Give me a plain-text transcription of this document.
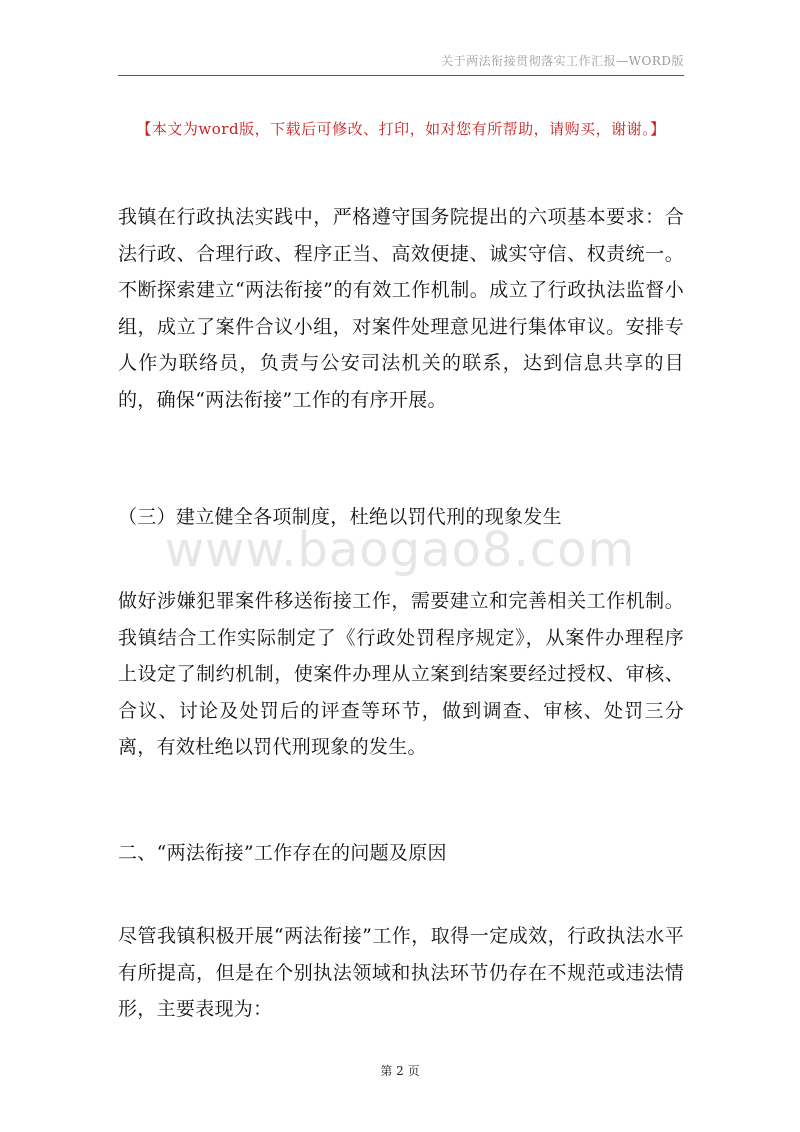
关于两法衔接贯彻落实工作汇报—WORD版
【本文为word版，下载后可修改、打印，如对您有所帮助，请购买，谢谢。】

我镇在行政执法实践中，严格遵守国务院提出的六项基本要求：合法行政、合理行政、程序正当、高效便捷、诚实守信、权责统一。不断探索建立“两法衔接”的有效工作机制。成立了行政执法监督小组，成立了案件合议小组，对案件处理意见进行集体审议。安排专人作为联络员，负责与公安司法机关的联系，达到信息共享的目的，确保“两法衔接”工作的有序开展。

（三）建立健全各项制度，杜绝以罚代刑的现象发生

www.baogao8.com

做好涉嫌犯罪案件移送衔接工作，需要建立和完善相关工作机制。我镇结合工作实际制定了《行政处罚程序规定》，从案件办理程序上设定了制约机制，使案件办理从立案到结案要经过授权、审核、合议、讨论及处罚后的评查等环节，做到调查、审核、处罚三分离，有效杜绝以罚代刑现象的发生。

二、“两法衔接”工作存在的问题及原因

尽管我镇积极开展“两法衔接”工作，取得一定成效，行政执法水平有所提高，但是在个别执法领域和执法环节仍存在不规范或违法情形，主要表现为：

第 2 页
